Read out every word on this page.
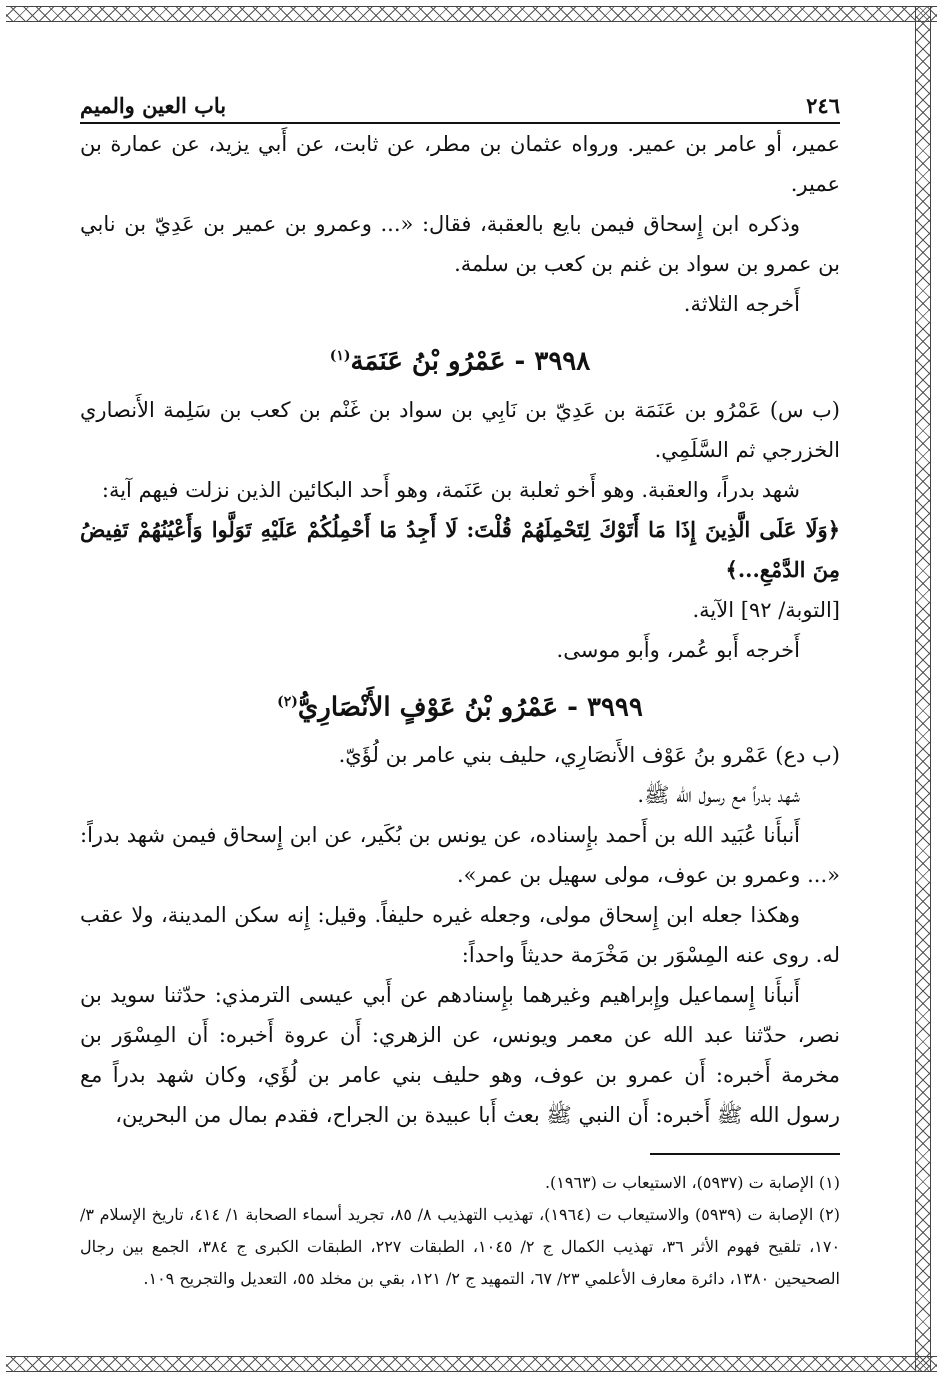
٢٤٦
باب العين والميم

عمير، أو عامر بن عمير. ورواه عثمان بن مطر، عن ثابت، عن أَبي يزيد، عن عمارة بن عمير.

وذكره ابن إِسحاق فيمن بايع بالعقبة، فقال: «... وعمرو بن عمير بن عَدِيّ بن نابي بن عمرو بن سواد بن غنم بن كعب بن سلمة.

أَخرجه الثلاثة.

٣٩٩٨ - عَمْرُو بْنُ عَنَمَة$^{(١)}$

(ب س) عَمْرُو بن عَنَمَة بن عَدِيّ بن نَابِي بن سواد بن غَنْم بن كعب بن سَلِمة الأَنصاري الخزرجي ثم السَّلَمِي.

شهد بدراً، والعقبة. وهو أَخو ثعلبة بن عَنَمة، وهو أَحد البكائين الذين نزلت فيهم آية:

﴿وَلَا عَلَى الَّذِينَ إِذَا مَا أَتَوْكَ لِتَحْمِلَهُمْ قُلْتَ: لَا أَجِدُ مَا أَحْمِلُكُمْ عَلَيْهِ تَوَلَّوا وَأَعْيُنُهُمْ تَفِيضُ مِنَ الدَّمْعِ...﴾

[التوبة/ ٩٢] الآية.

أَخرجه أَبو عُمر، وأَبو موسى.

٣٩٩٩ - عَمْرُو بْنُ عَوْفٍ الأَنْصَارِيُّ$^{(٢)}$

(ب دع) عَمْرو بنُ عَوْف الأَنصَارِي، حليف بني عامر بن لُؤَيّ.

شهد بدراً مع رسول الله ﷺ.

أَنبأَنا عُبَيد الله بن أَحمد بإِسناده، عن يونس بن بُكَير، عن ابن إِسحاق فيمن شهد بدراً: «... وعمرو بن عوف، مولى سهيل بن عمر».

وهكذا جعله ابن إِسحاق مولى، وجعله غيره حليفاً. وقيل: إِنه سكن المدينة، ولا عقب له. روى عنه المِسْوَر بن مَخْرَمة حديثاً واحداً:

أَنبأَنا إِسماعيل وإِبراهيم وغيرهما بإِسنادهم عن أَبي عيسى الترمذي: حدّثنا سويد بن نصر، حدّثنا عبد الله عن معمر ويونس، عن الزهري: أَن عروة أَخبره: أَن المِسْوَر بن مخرمة أَخبره: أَن عمرو بن عوف، وهو حليف بني عامر بن لُؤَي، وكان شهد بدراً مع رسول الله ﷺ أَخبره: أَن النبي ﷺ بعث أَبا عبيدة بن الجراح، فقدم بمال من البحرين،

(١) الإصابة ت (٥٩٣٧)، الاستيعاب ت (١٩٦٣).

(٢) الإصابة ت (٥٩٣٩) والاستيعاب ت (١٩٦٤)، تهذيب التهذيب ٨/ ٨٥، تجريد أسماء الصحابة ١/ ٤١٤، تاريخ الإسلام ٣/ ١٧٠، تلقيح فهوم الأثر ٣٦، تهذيب الكمال ج ٢/ ١٠٤٥، الطبقات ٢٢٧، الطبقات الكبرى ج ٣٨٤، الجمع بين رجال الصحيحين ١٣٨٠، دائرة معارف الأعلمي ٢٣/ ٦٧، التمهيد ج ٢/ ١٢١، بقي بن مخلد ٥٥، التعديل والتجريح ١٠٩.
